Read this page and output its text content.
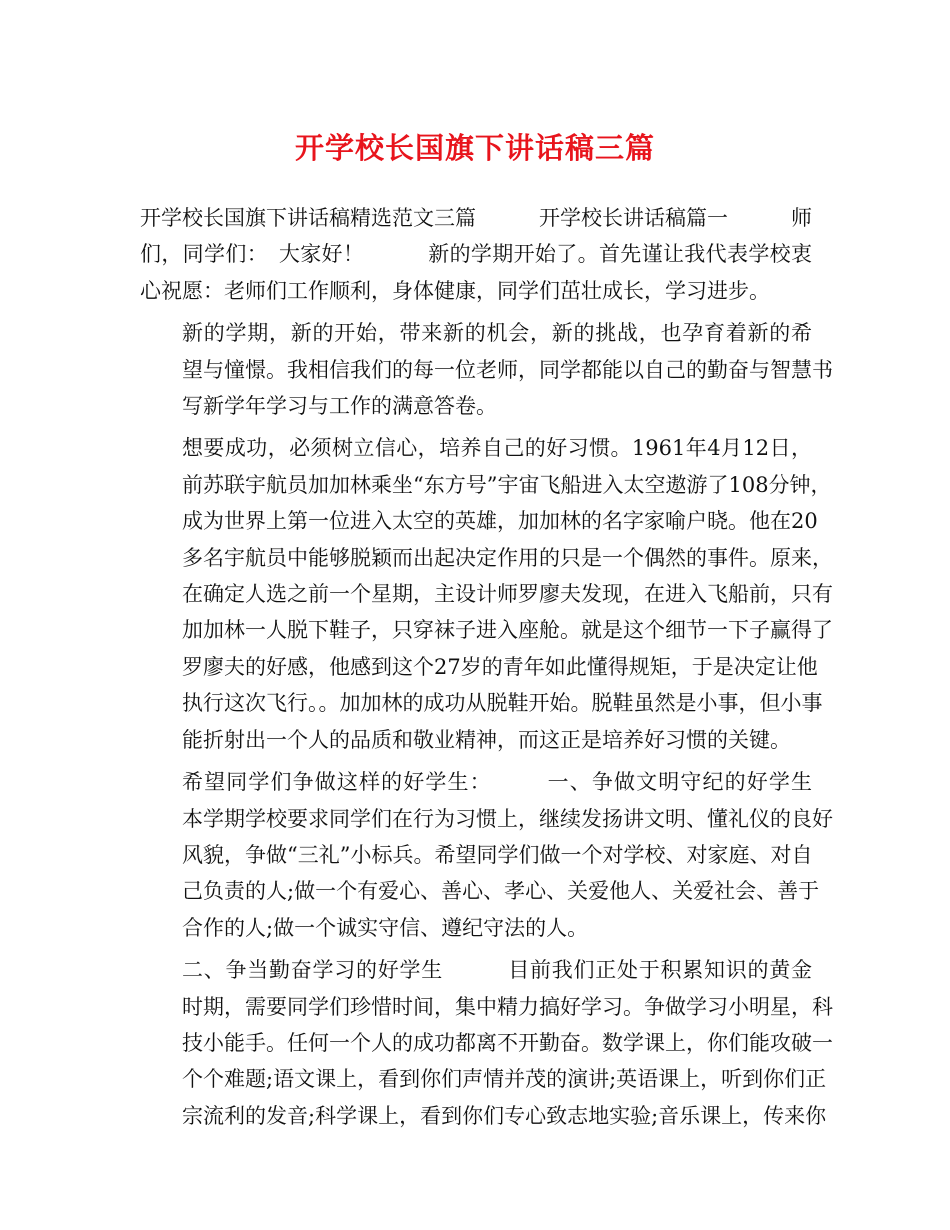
开学校长国旗下讲话稿三篇
开学校长国旗下讲话稿精选范文三篇　　　开学校长讲话稿篇一　　　师
们，同学们：　大家好！　　　新的学期开始了。首先谨让我代表学校衷
心祝愿：老师们工作顺利，身体健康，同学们茁壮成长，学习进步。
新的学期，新的开始，带来新的机会，新的挑战，也孕育着新的希
望与憧憬。我相信我们的每一位老师，同学都能以自己的勤奋与智慧书
写新学年学习与工作的满意答卷。
想要成功，必须树立信心，培养自己的好习惯。1961年4月12日，
前苏联宇航员加加林乘坐“东方号”宇宙飞船进入太空遨游了108分钟，
成为世界上第一位进入太空的英雄，加加林的名字家喻户晓。他在20
多名宇航员中能够脱颖而出起决定作用的只是一个偶然的事件。原来，
在确定人选之前一个星期，主设计师罗廖夫发现，在进入飞船前，只有
加加林一人脱下鞋子，只穿袜子进入座舱。就是这个细节一下子赢得了
罗廖夫的好感，他感到这个27岁的青年如此懂得规矩，于是决定让他
执行这次飞行。。加加林的成功从脱鞋开始。脱鞋虽然是小事，但小事
能折射出一个人的品质和敬业精神，而这正是培养好习惯的关键。
希望同学们争做这样的好学生：　　　一、争做文明守纪的好学生
本学期学校要求同学们在行为习惯上，继续发扬讲文明、懂礼仪的良好
风貌，争做“三礼”小标兵。希望同学们做一个对学校、对家庭、对自
己负责的人;做一个有爱心、善心、孝心、关爱他人、关爱社会、善于
合作的人;做一个诚实守信、遵纪守法的人。
二、争当勤奋学习的好学生　　　目前我们正处于积累知识的黄金
时期，需要同学们珍惜时间，集中精力搞好学习。争做学习小明星，科
技小能手。任何一个人的成功都离不开勤奋。数学课上，你们能攻破一
个个难题;语文课上，看到你们声情并茂的演讲;英语课上，听到你们正
宗流利的发音;科学课上，看到你们专心致志地实验;音乐课上，传来你
